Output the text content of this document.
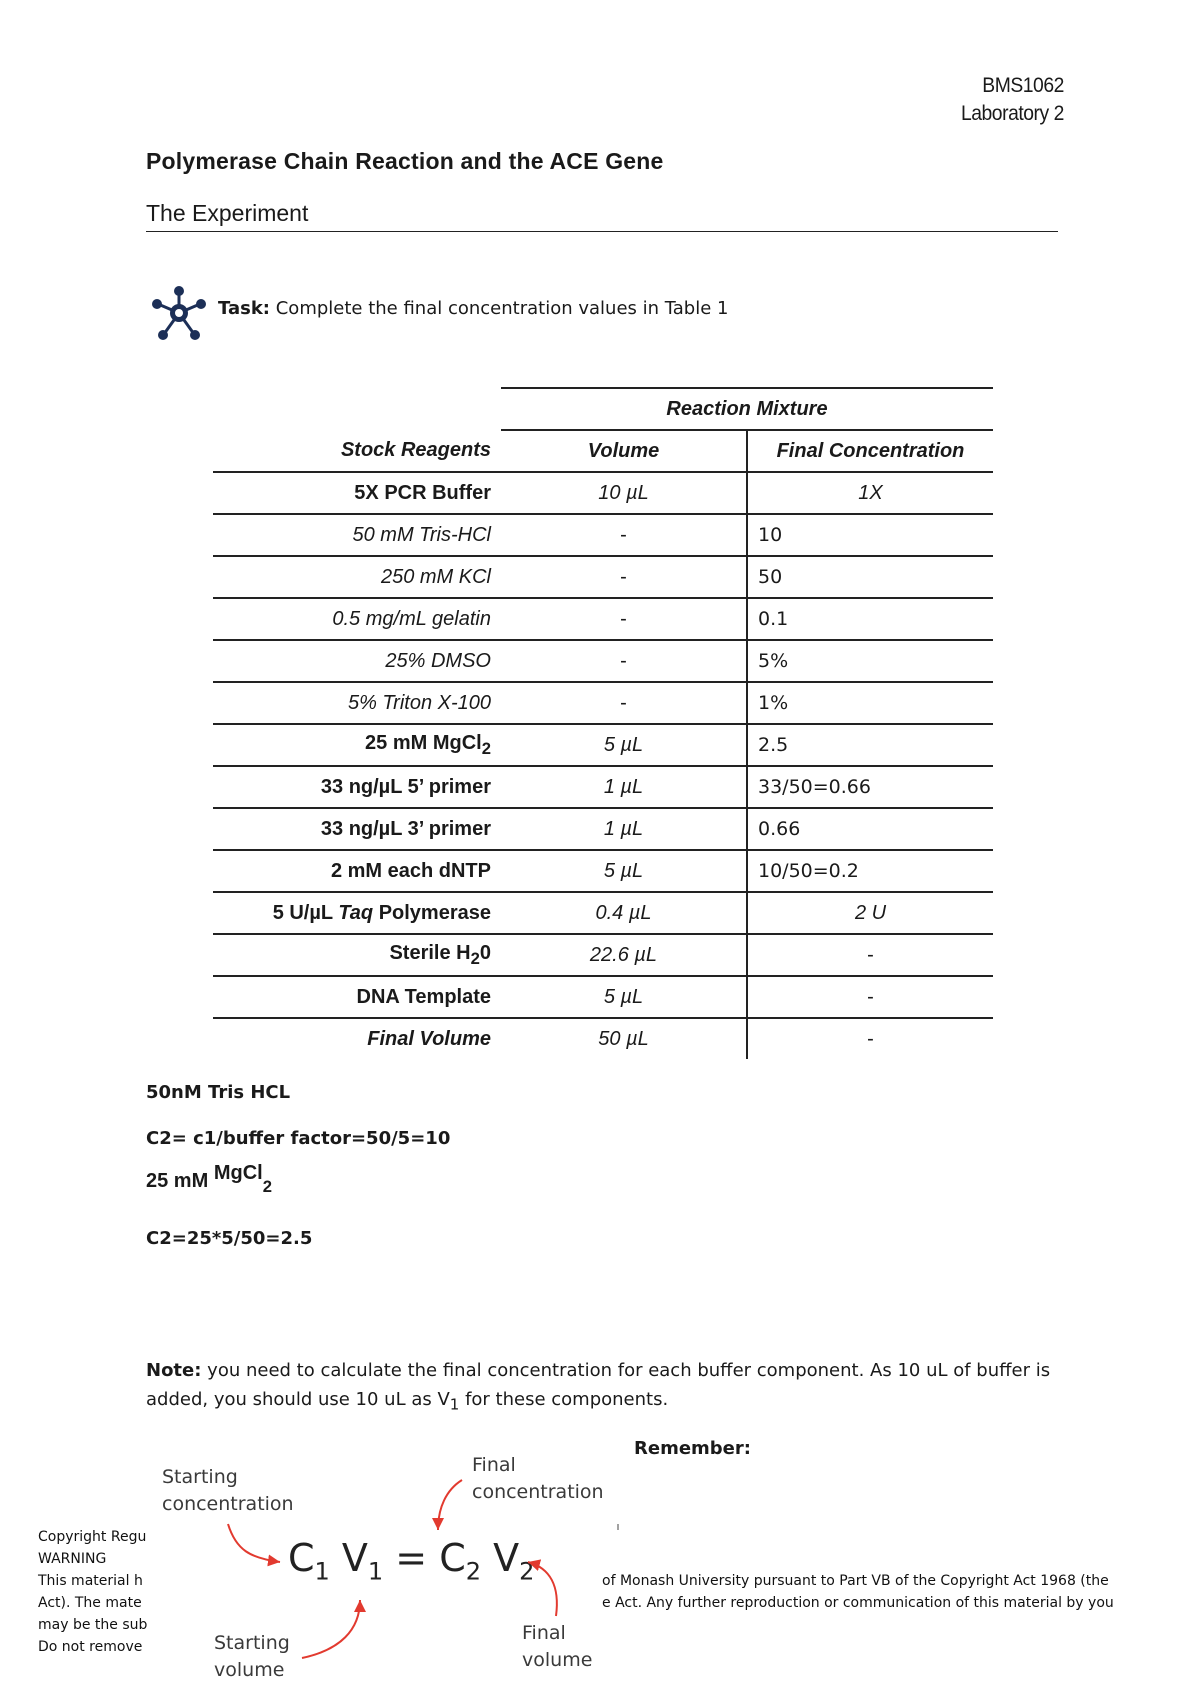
BMS1062
Laboratory 2
Polymerase Chain Reaction and the ACE Gene
The Experiment
Task: Complete the final concentration values in Table 1
	Reaction Mixture	
Stock Reagents	Volume	Final Concentration
5X PCR Buffer	10 µL	1X
50 mM Tris-HCl	-	10
250 mM KCl	-	50
0.5 mg/mL gelatin	-	0.1
25% DMSO	-	5%
5% Triton X-100	-	1%
25 mM MgCl$_2$	5 µL	2.5
33 ng/µL 5’ primer	1 µL	33/50=0.66
33 ng/µL 3’ primer	1 µL	0.66
2 mM each dNTP	5 µL	10/50=0.2
5 U/µL Taq Polymerase	0.4 µL	2 U
Sterile $H_20$	22.6 µL	-
DNA Template	5 µL	-
Final Volume	50 µL	-
50nM Tris HCL
C2= c1/buffer factor=50/5=10
25 mM MgCl$_2$
C2=25*5/50=2.5
Note: you need to calculate the final concentration for each buffer component. As 10 uL of buffer is added, you should use 10 uL as $V_1$ for these components.
Remember:
Starting
concentration
Final
concentration
Starting
volume
Final
volume
$C_1$ $V_1 = C_2$ $V_2$
Copyright Regu
WARNING
This material h
Act). The mate
may be the sub
Do not remove
of Monash University pursuant to Part VB of the Copyright Act 1968 (the
e Act. Any further reproduction or communication of this material by you
